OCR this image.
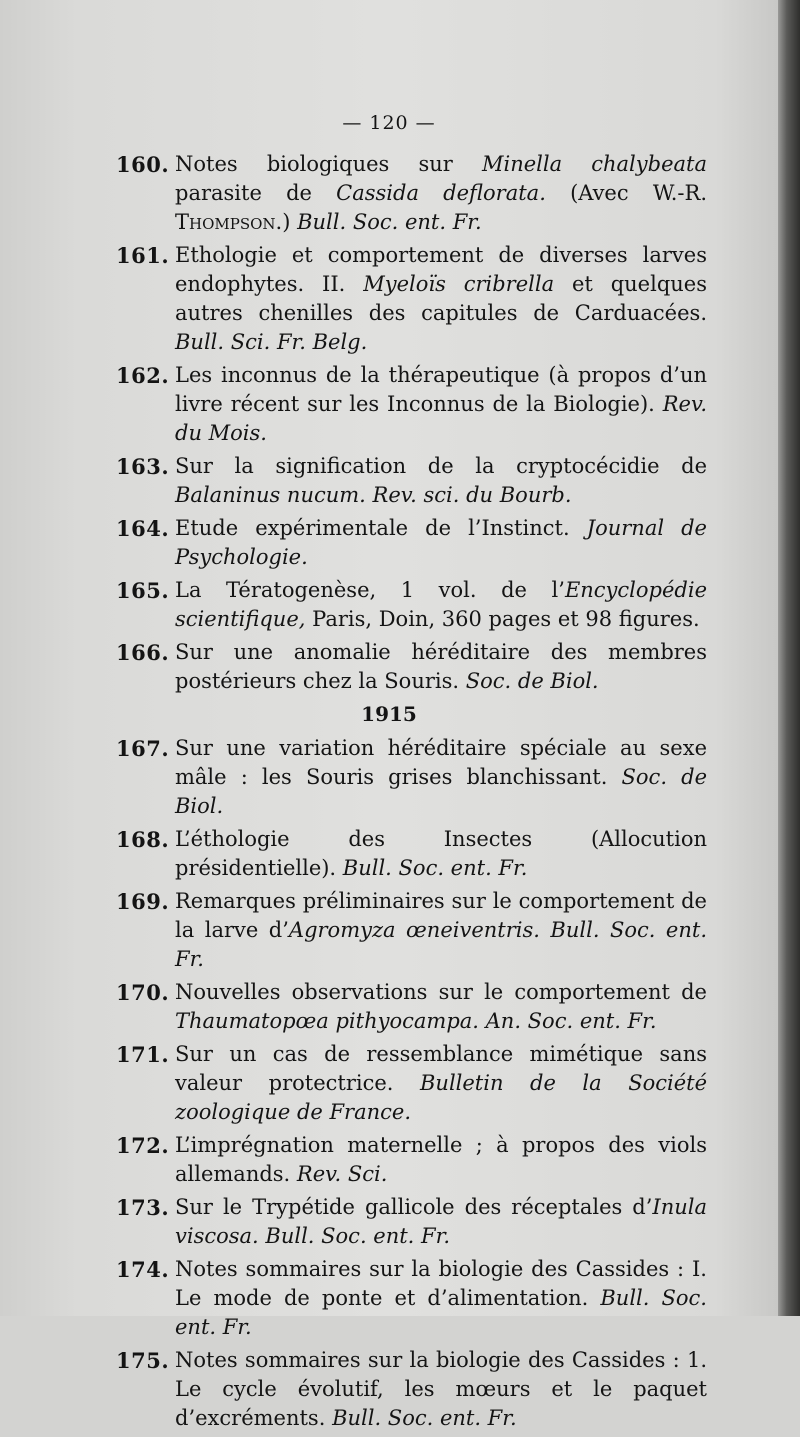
— 120 —
160. Notes biologiques sur Minella chalybeata parasite de Cassida deflorata. (Avec W.-R. Thompson.) Bull. Soc. ent. Fr.

161. Ethologie et comportement de diverses larves endophytes. II. Myeloïs cribrella et quelques autres chenilles des capitules de Carduacées. Bull. Sci. Fr. Belg.

162. Les inconnus de la thérapeutique (à propos d’un livre récent sur les Inconnus de la Biologie). Rev. du Mois.

163. Sur la signification de la cryptocécidie de Balaninus nucum. Rev. sci. du Bourb.

164. Etude expérimentale de l’Instinct. Journal de Psychologie.

165. La Tératogenèse, 1 vol. de l’Encyclopédie scientifique, Paris, Doin, 360 pages et 98 figures.

166. Sur une anomalie héréditaire des membres postérieurs chez la Souris. Soc. de Biol.

1915
167. Sur une variation héréditaire spéciale au sexe mâle : les Souris grises blanchissant. Soc. de Biol.

168. L’éthologie des Insectes (Allocution présidentielle). Bull. Soc. ent. Fr.

169. Remarques préliminaires sur le comportement de la larve d’Agromyza œneiventris. Bull. Soc. ent. Fr.

170. Nouvelles observations sur le comportement de Thaumatopœa pithyocampa. An. Soc. ent. Fr.

171. Sur un cas de ressemblance mimétique sans valeur protectrice. Bulletin de la Société zoologique de France.

172. L’imprégnation maternelle ; à propos des viols allemands. Rev. Sci.

173. Sur le Trypétide gallicole des réceptales d’Inula viscosa. Bull. Soc. ent. Fr.

174. Notes sommaires sur la biologie des Cassides : I. Le mode de ponte et d’alimentation. Bull. Soc. ent. Fr.

175. Notes sommaires sur la biologie des Cassides : 1. Le cycle évolutif, les mœurs et le paquet d’excréments. Bull. Soc. ent. Fr.
